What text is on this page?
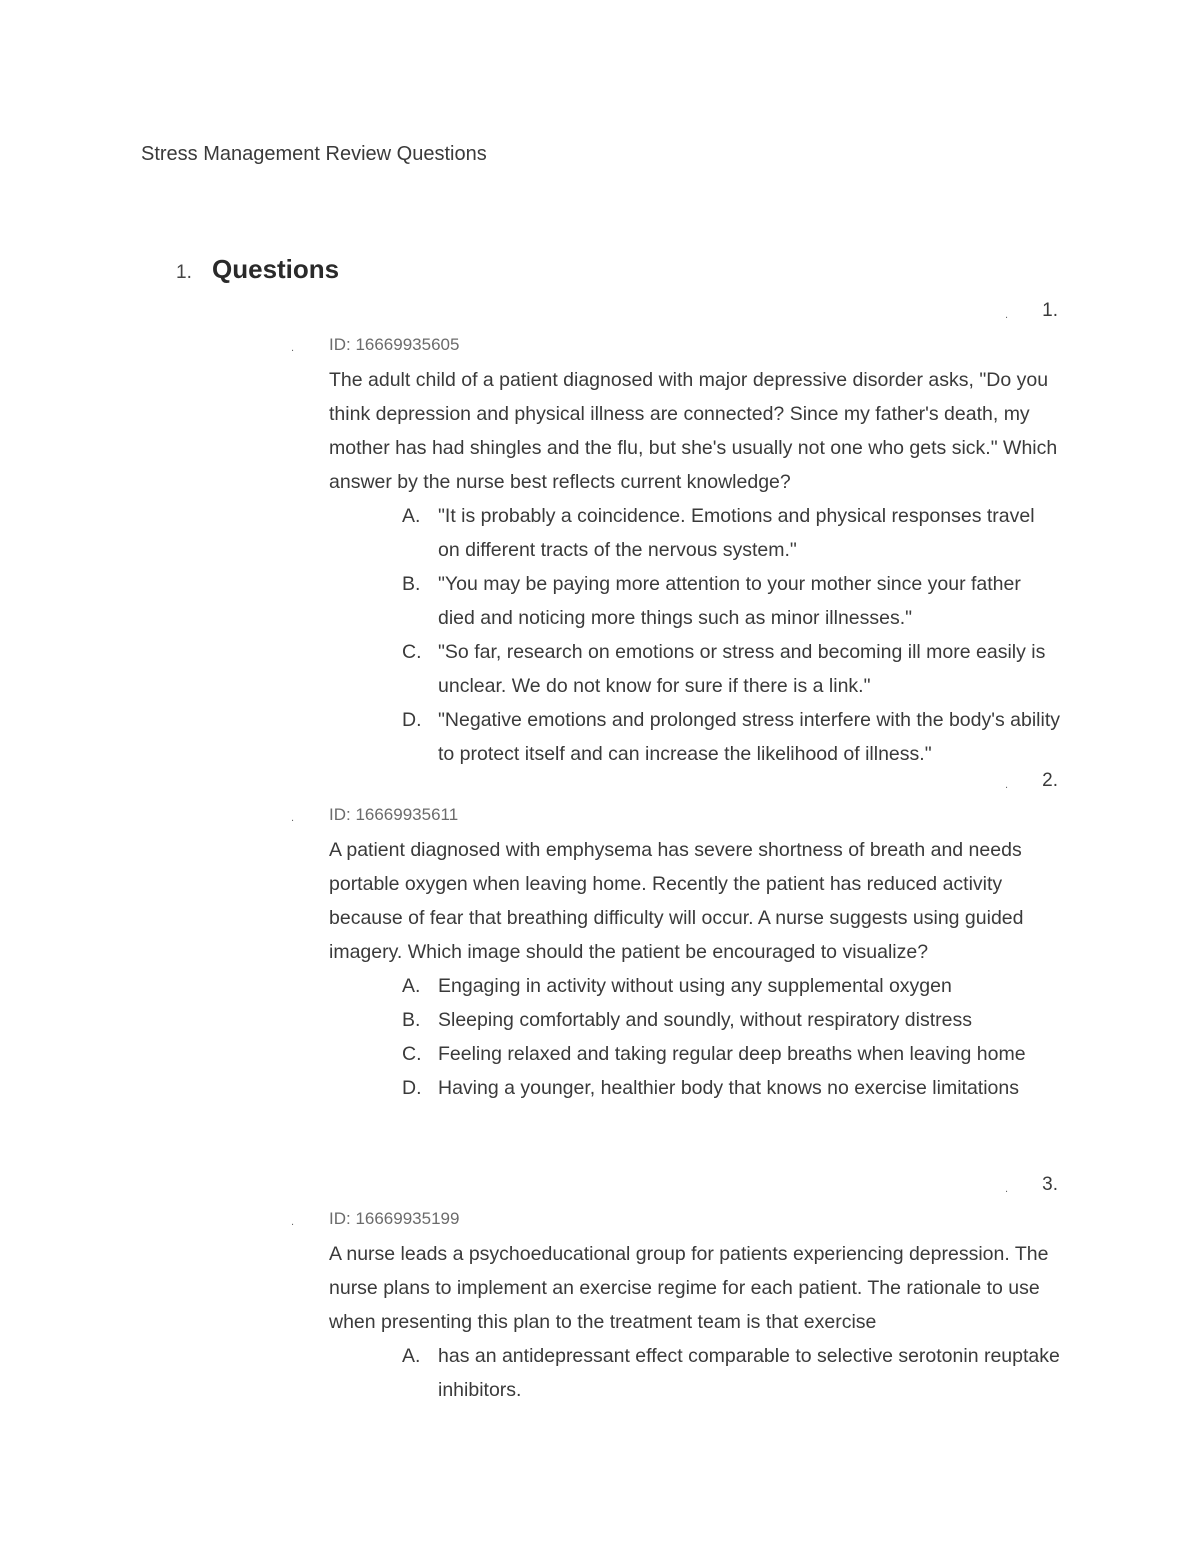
Stress Management Review Questions
1. Questions
. 1.
. ID: 16669935605
The adult child of a patient diagnosed with major depressive disorder asks, "Do you think depression and physical illness are connected? Since my father's death, my mother has had shingles and the flu, but she's usually not one who gets sick." Which answer by the nurse best reflects current knowledge?
A. "It is probably a coincidence. Emotions and physical responses travel on different tracts of the nervous system."
B. "You may be paying more attention to your mother since your father died and noticing more things such as minor illnesses."
C. "So far, research on emotions or stress and becoming ill more easily is unclear. We do not know for sure if there is a link."
D. "Negative emotions and prolonged stress interfere with the body's ability to protect itself and can increase the likelihood of illness."
. 2.
. ID: 16669935611
A patient diagnosed with emphysema has severe shortness of breath and needs portable oxygen when leaving home. Recently the patient has reduced activity because of fear that breathing difficulty will occur. A nurse suggests using guided imagery. Which image should the patient be encouraged to visualize?
A. Engaging in activity without using any supplemental oxygen
B. Sleeping comfortably and soundly, without respiratory distress
C. Feeling relaxed and taking regular deep breaths when leaving home
D. Having a younger, healthier body that knows no exercise limitations
. 3.
. ID: 16669935199
A nurse leads a psychoeducational group for patients experiencing depression. The nurse plans to implement an exercise regime for each patient. The rationale to use when presenting this plan to the treatment team is that exercise
A. has an antidepressant effect comparable to selective serotonin reuptake inhibitors.
